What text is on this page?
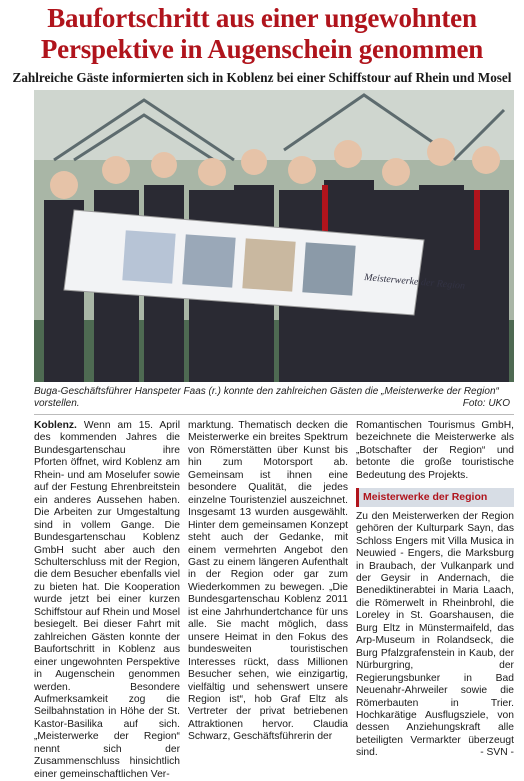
Baufortschritt aus einer ungewohnten Perspektive in Augenschein genommen
Zahlreiche Gäste informierten sich in Koblenz bei einer Schiffstour auf Rhein und Mosel
Meisterwerke der Region
Buga-Geschäftsführer Hanspeter Faas (r.) konnte den zahlreichen Gästen die „Meisterwerke der Region“ vorstellen.	Foto: UKO

Koblenz. Wenn am 15. April des kommenden Jahres die Bundesgartenschau ihre Pforten öffnet, wird Koblenz am Rhein- und am Moselufer sowie auf der Festung Ehrenbreitstein ein anderes Aussehen haben. Die Arbeiten zur Umgestaltung sind in vollem Gange. Die Bundesgartenschau Koblenz GmbH sucht aber auch den Schulterschluss mit der Region, die dem Besucher ebenfalls viel zu bieten hat. Die Kooperation wurde jetzt bei einer kurzen Schiffstour auf Rhein und Mosel besiegelt. Bei dieser Fahrt mit zahlreichen Gästen konnte der Baufortschritt in Koblenz aus einer ungewohnten Perspektive in Augenschein genommen werden. Besondere Aufmerksamkeit zog die Seilbahnstation in Höhe der St. Kastor-Basilika auf sich. „Meisterwerke der Region“ nennt sich der Zusammenschluss hinsichtlich einer gemeinschaftlichen Ver-

marktung. Thematisch decken die Meisterwerke ein breites Spektrum von Römerstätten über Kunst bis hin zum Motorsport ab. Gemeinsam ist ihnen eine besondere Qualität, die jedes einzelne Touristenziel auszeichnet. Insgesamt 13 wurden ausgewählt. Hinter dem gemeinsamen Konzept steht auch der Gedanke, mit einem vermehrten Angebot den Gast zu einem längeren Aufenthalt in der Region oder gar zum Wiederkommen zu bewegen. „Die Bundesgartenschau Koblenz 2011 ist eine Jahrhundertchance für uns alle. Sie macht möglich, dass unsere Heimat in den Fokus des bundesweiten touristischen Interesses rückt, dass Millionen Besucher sehen, wie einzigartig, vielfältig und sehenswert unsere Region ist“, hob Graf Eltz als Vertreter der privat betriebenen Attraktionen hervor. Claudia Schwarz, Geschäftsführerin der

Romantischen Tourismus GmbH, bezeichnete die Meisterwerke als „Botschafter der Region“ und betonte die große touristische Bedeutung des Projekts.

Meisterwerke der Region

Zu den Meisterwerken der Region gehören der Kulturpark Sayn, das Schloss Engers mit Villa Musica in Neuwied - Engers, die Marksburg in Braubach, der Vulkanpark und der Geysir in Andernach, die Benediktinerabtei in Maria Laach, die Römerwelt in Rheinbrohl, die Loreley in St. Goarshausen, die Burg Eltz in Münstermaifeld, das Arp-Museum in Rolandseck, die Burg Pfalzgrafenstein in Kaub, der Nürburgring, der Regierungsbunker in Bad Neuenahr-Ahrweiler sowie die Römerbauten in Trier. Hochkarätige Ausflugsziele, von dessen Anziehungskraft alle beteiligten Vermarkter überzeugt sind.	- SVN -
